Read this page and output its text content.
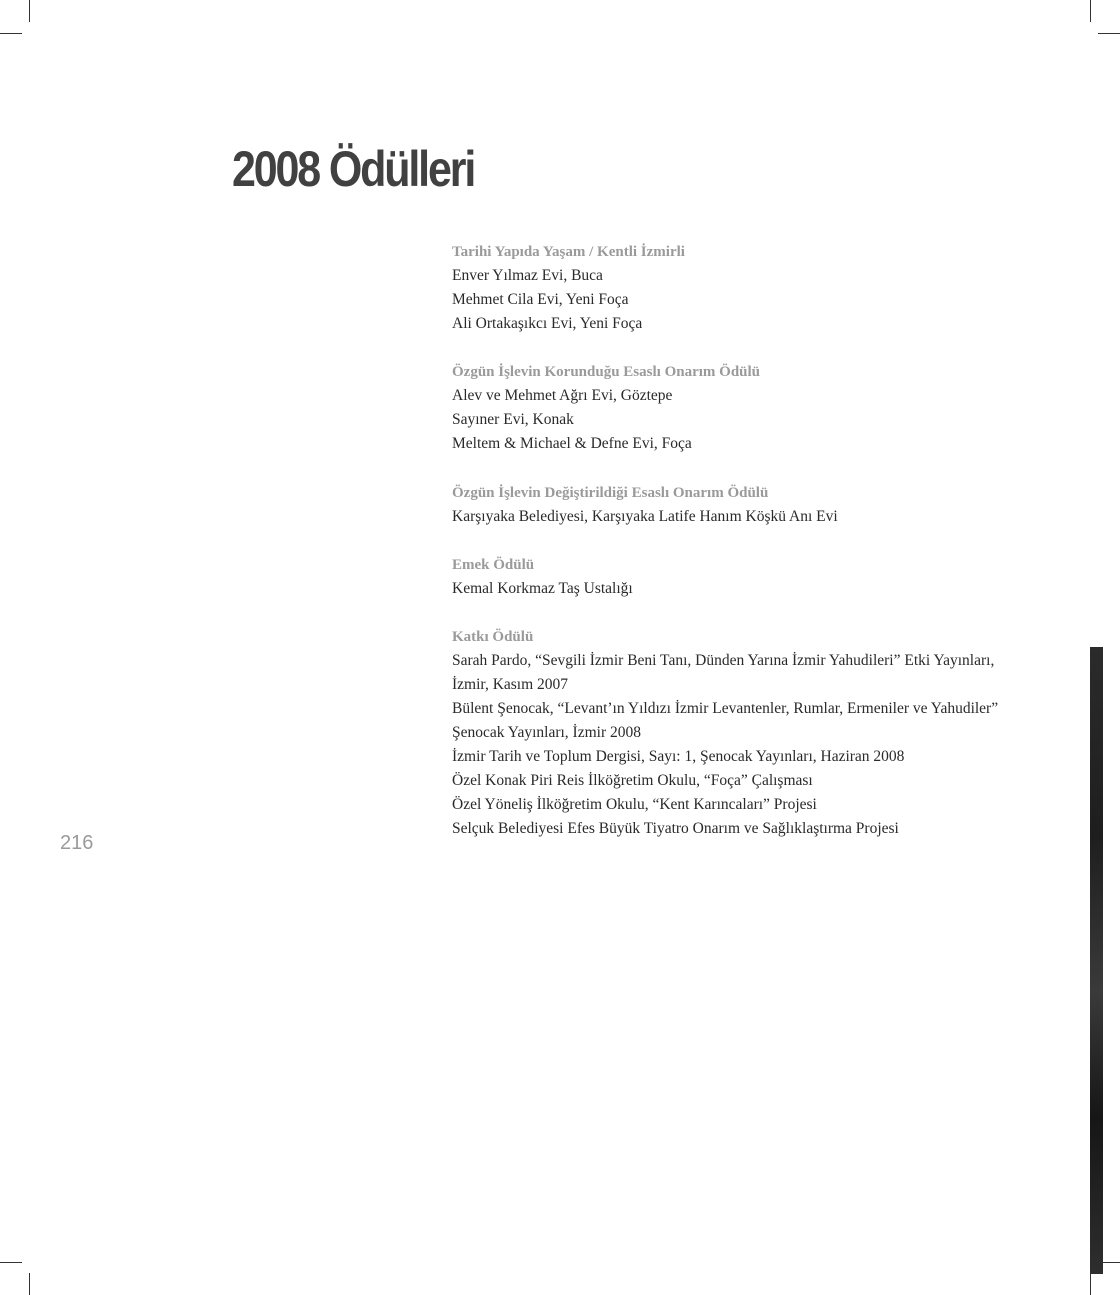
2008 Ödülleri
Tarihi Yapıda Yaşam / Kentli İzmirli
Enver Yılmaz Evi, Buca
Mehmet Cila Evi, Yeni Foça
Ali Ortakaşıkcı Evi, Yeni Foça
Özgün İşlevin Korunduğu Esaslı Onarım Ödülü
Alev ve Mehmet Ağrı Evi, Göztepe
Sayıner Evi, Konak
Meltem & Michael & Defne Evi, Foça
Özgün İşlevin Değiştirildiği Esaslı Onarım Ödülü
Karşıyaka Belediyesi, Karşıyaka Latife Hanım Köşkü Anı Evi
Emek Ödülü
Kemal Korkmaz Taş Ustalığı
Katkı Ödülü
Sarah Pardo, “Sevgili İzmir Beni Tanı, Dünden Yarına İzmir Yahudileri” Etki Yayınları,
İzmir, Kasım 2007
Bülent Şenocak, “Levant’ın Yıldızı İzmir Levantenler, Rumlar, Ermeniler ve Yahudiler”
Şenocak Yayınları, İzmir 2008
İzmir Tarih ve Toplum Dergisi, Sayı: 1, Şenocak Yayınları, Haziran 2008
Özel Konak Piri Reis İlköğretim Okulu, “Foça” Çalışması
Özel Yöneliş İlköğretim Okulu, “Kent Karıncaları” Projesi
Selçuk Belediyesi Efes Büyük Tiyatro Onarım ve Sağlıklaştırma Projesi
216
